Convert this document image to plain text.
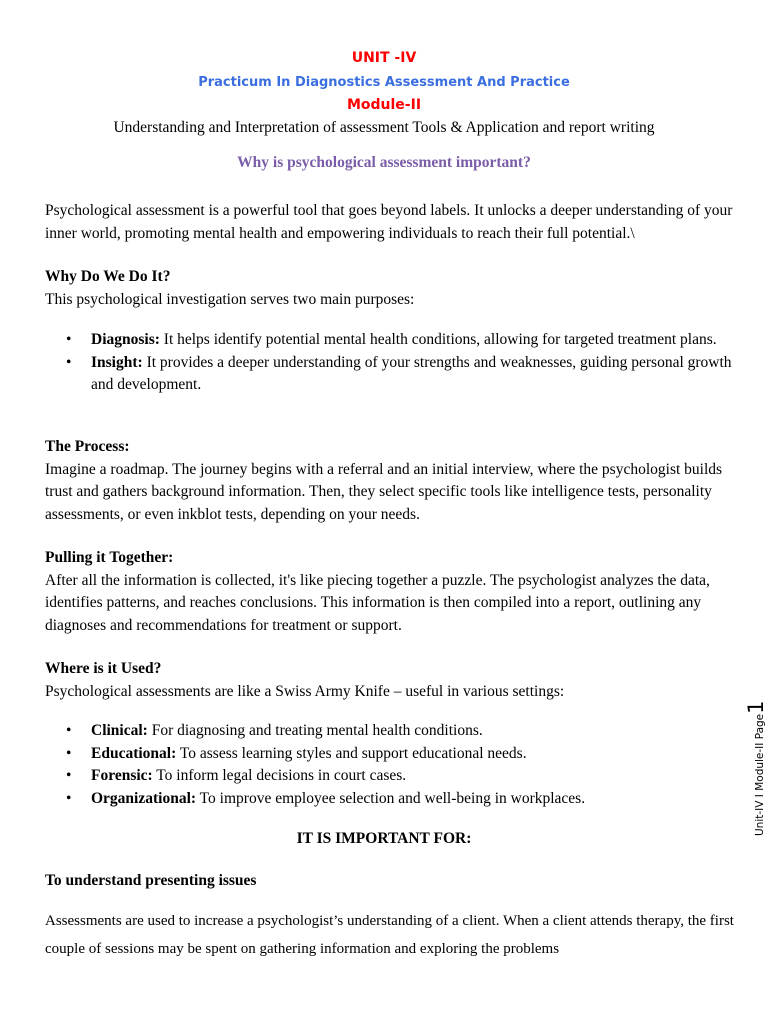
UNIT -IV
Practicum In Diagnostics Assessment And Practice
Module-II
Understanding and Interpretation of assessment Tools & Application and report writing
Why is psychological assessment important?

Psychological assessment is a powerful tool that goes beyond labels. It unlocks a deeper understanding of your inner world, promoting mental health and empowering individuals to reach their full potential.\

Why Do We Do It?

This psychological investigation serves two main purposes:

• Diagnosis: It helps identify potential mental health conditions, allowing for targeted treatment plans.
• Insight: It provides a deeper understanding of your strengths and weaknesses, guiding personal growth and development.

The Process:

Imagine a roadmap. The journey begins with a referral and an initial interview, where the psychologist builds trust and gathers background information. Then, they select specific tools like intelligence tests, personality assessments, or even inkblot tests, depending on your needs.

Pulling it Together:

After all the information is collected, it's like piecing together a puzzle. The psychologist analyzes the data, identifies patterns, and reaches conclusions. This information is then compiled into a report, outlining any diagnoses and recommendations for treatment or support.

Where is it Used?

Psychological assessments are like a Swiss Army Knife – useful in various settings:

• Clinical: For diagnosing and treating mental health conditions.
• Educational: To assess learning styles and support educational needs.
• Forensic: To inform legal decisions in court cases.
• Organizational: To improve employee selection and well-being in workplaces.
IT IS IMPORTANT FOR:

To understand presenting issues

Assessments are used to increase a psychologist’s understanding of a client. When a client attends therapy, the first couple of sessions may be spent on gathering information and exploring the problems

Unit-IV I Module-II Page1
